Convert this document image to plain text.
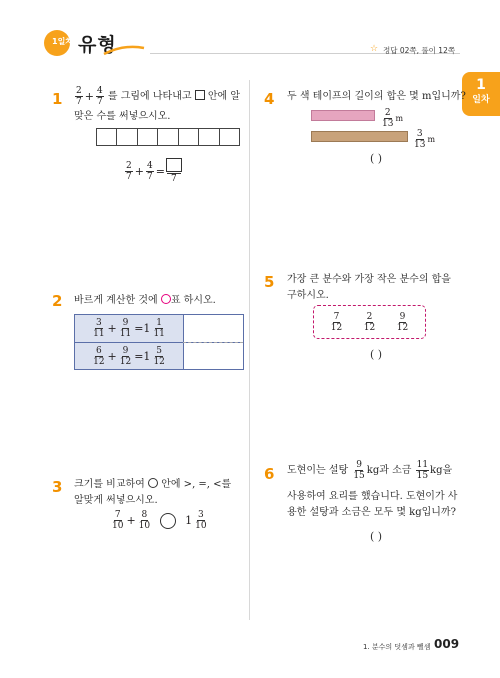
1일차 유형	☆ 정답 02쪽, 풀이 12쪽
1
일차
$1 \frac{2}{7} + \frac{4}{7}$ 를 그림에 나타내고 안에 알
맞은 수를 써넣으시오.
$\frac{2}{7} + \frac{4}{7}$ =
7
2 바르게 계산한 것에 ○표 하시오.
$\frac{3}{11} + \frac{9}{11} =1 \frac{1}{11}$
$\frac{6}{12} + \frac{9}{12} =1 \frac{5}{12}$
3 크기를 비교하여 안에 >, =, <를
알맞게 써넣으시오.
$\frac{7}{10} + \frac{8}{10}$	$1 \frac{3}{10}$
4 두 색 테이프의 길이의 합은 몇 m입니까?
$\frac{2}{13}$ m
$\frac{3}{13}$ m
( )
5 가장 큰 분수와 가장 작은 분수의 합을
구하시오.
$\frac{7}{12} \frac{2}{12} \frac{9}{12}$
( )
6 도현이는 설탕 $\frac{9}{15}$ kg과 소금 $\frac{11}{15}$ kg을
사용하여 요리를 했습니다. 도현이가 사
용한 설탕과 소금은 모두 몇 kg입니까?
( )
1. 분수의 덧셈과 뺄셈 009
